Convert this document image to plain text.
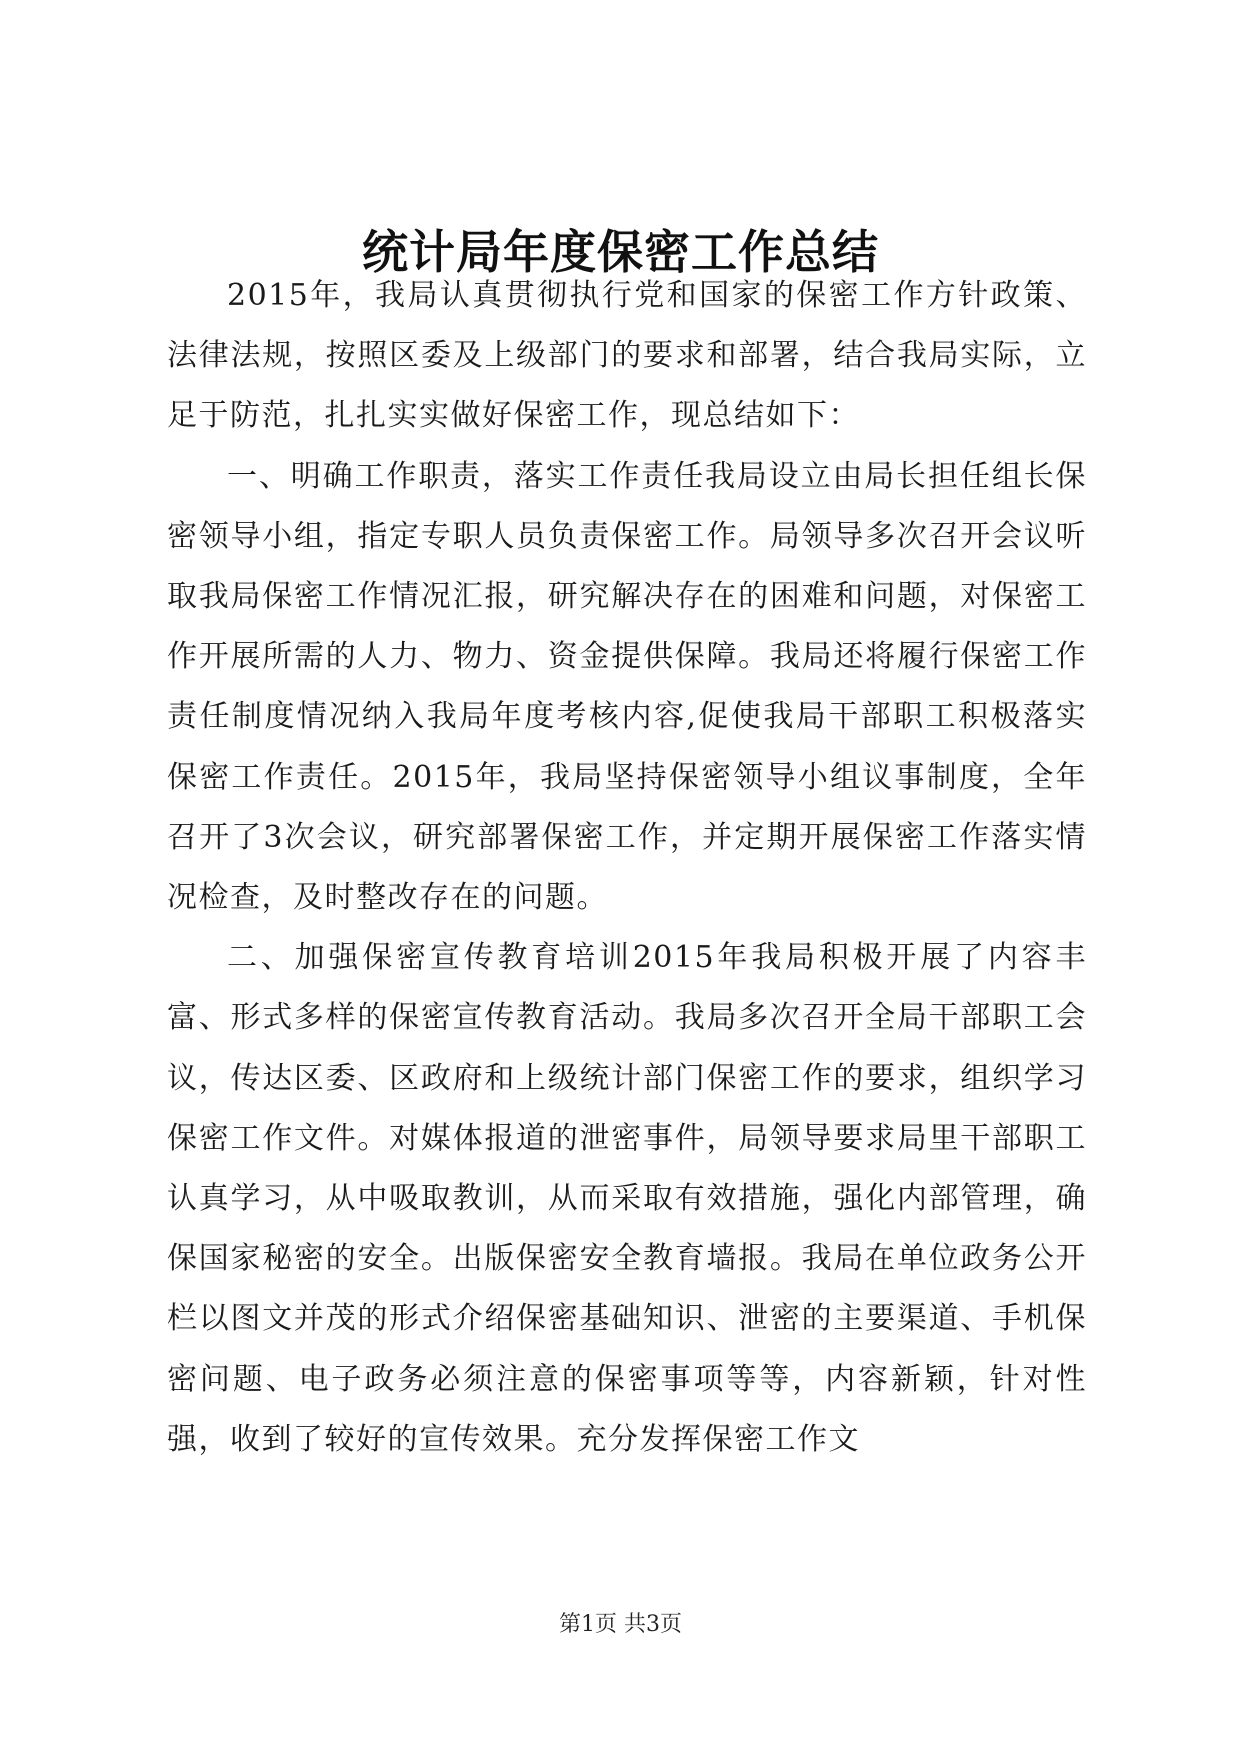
统计局年度保密工作总结

2015年，我局认真贯彻执行党和国家的保密工作方针政策、法律法规，按照区委及上级部门的要求和部署，结合我局实际，立足于防范，扎扎实实做好保密工作，现总结如下：

一、明确工作职责，落实工作责任我局设立由局长担任组长保密领导小组，指定专职人员负责保密工作。局领导多次召开会议听取我局保密工作情况汇报，研究解决存在的困难和问题，对保密工作开展所需的人力、物力、资金提供保障。我局还将履行保密工作责任制度情况纳入我局年度考核内容,促使我局干部职工积极落实保密工作责任。2015年，我局坚持保密领导小组议事制度，全年召开了3次会议，研究部署保密工作，并定期开展保密工作落实情况检查，及时整改存在的问题。

二、加强保密宣传教育培训2015年我局积极开展了内容丰富、形式多样的保密宣传教育活动。我局多次召开全局干部职工会议，传达区委、区政府和上级统计部门保密工作的要求，组织学习保密工作文件。对媒体报道的泄密事件，局领导要求局里干部职工认真学习，从中吸取教训，从而采取有效措施，强化内部管理，确保国家秘密的安全。出版保密安全教育墙报。我局在单位政务公开栏以图文并茂的形式介绍保密基础知识、泄密的主要渠道、手机保密问题、电子政务必须注意的保密事项等等，内容新颖，针对性强，收到了较好的宣传效果。充分发挥保密工作文

第1页 共3页
